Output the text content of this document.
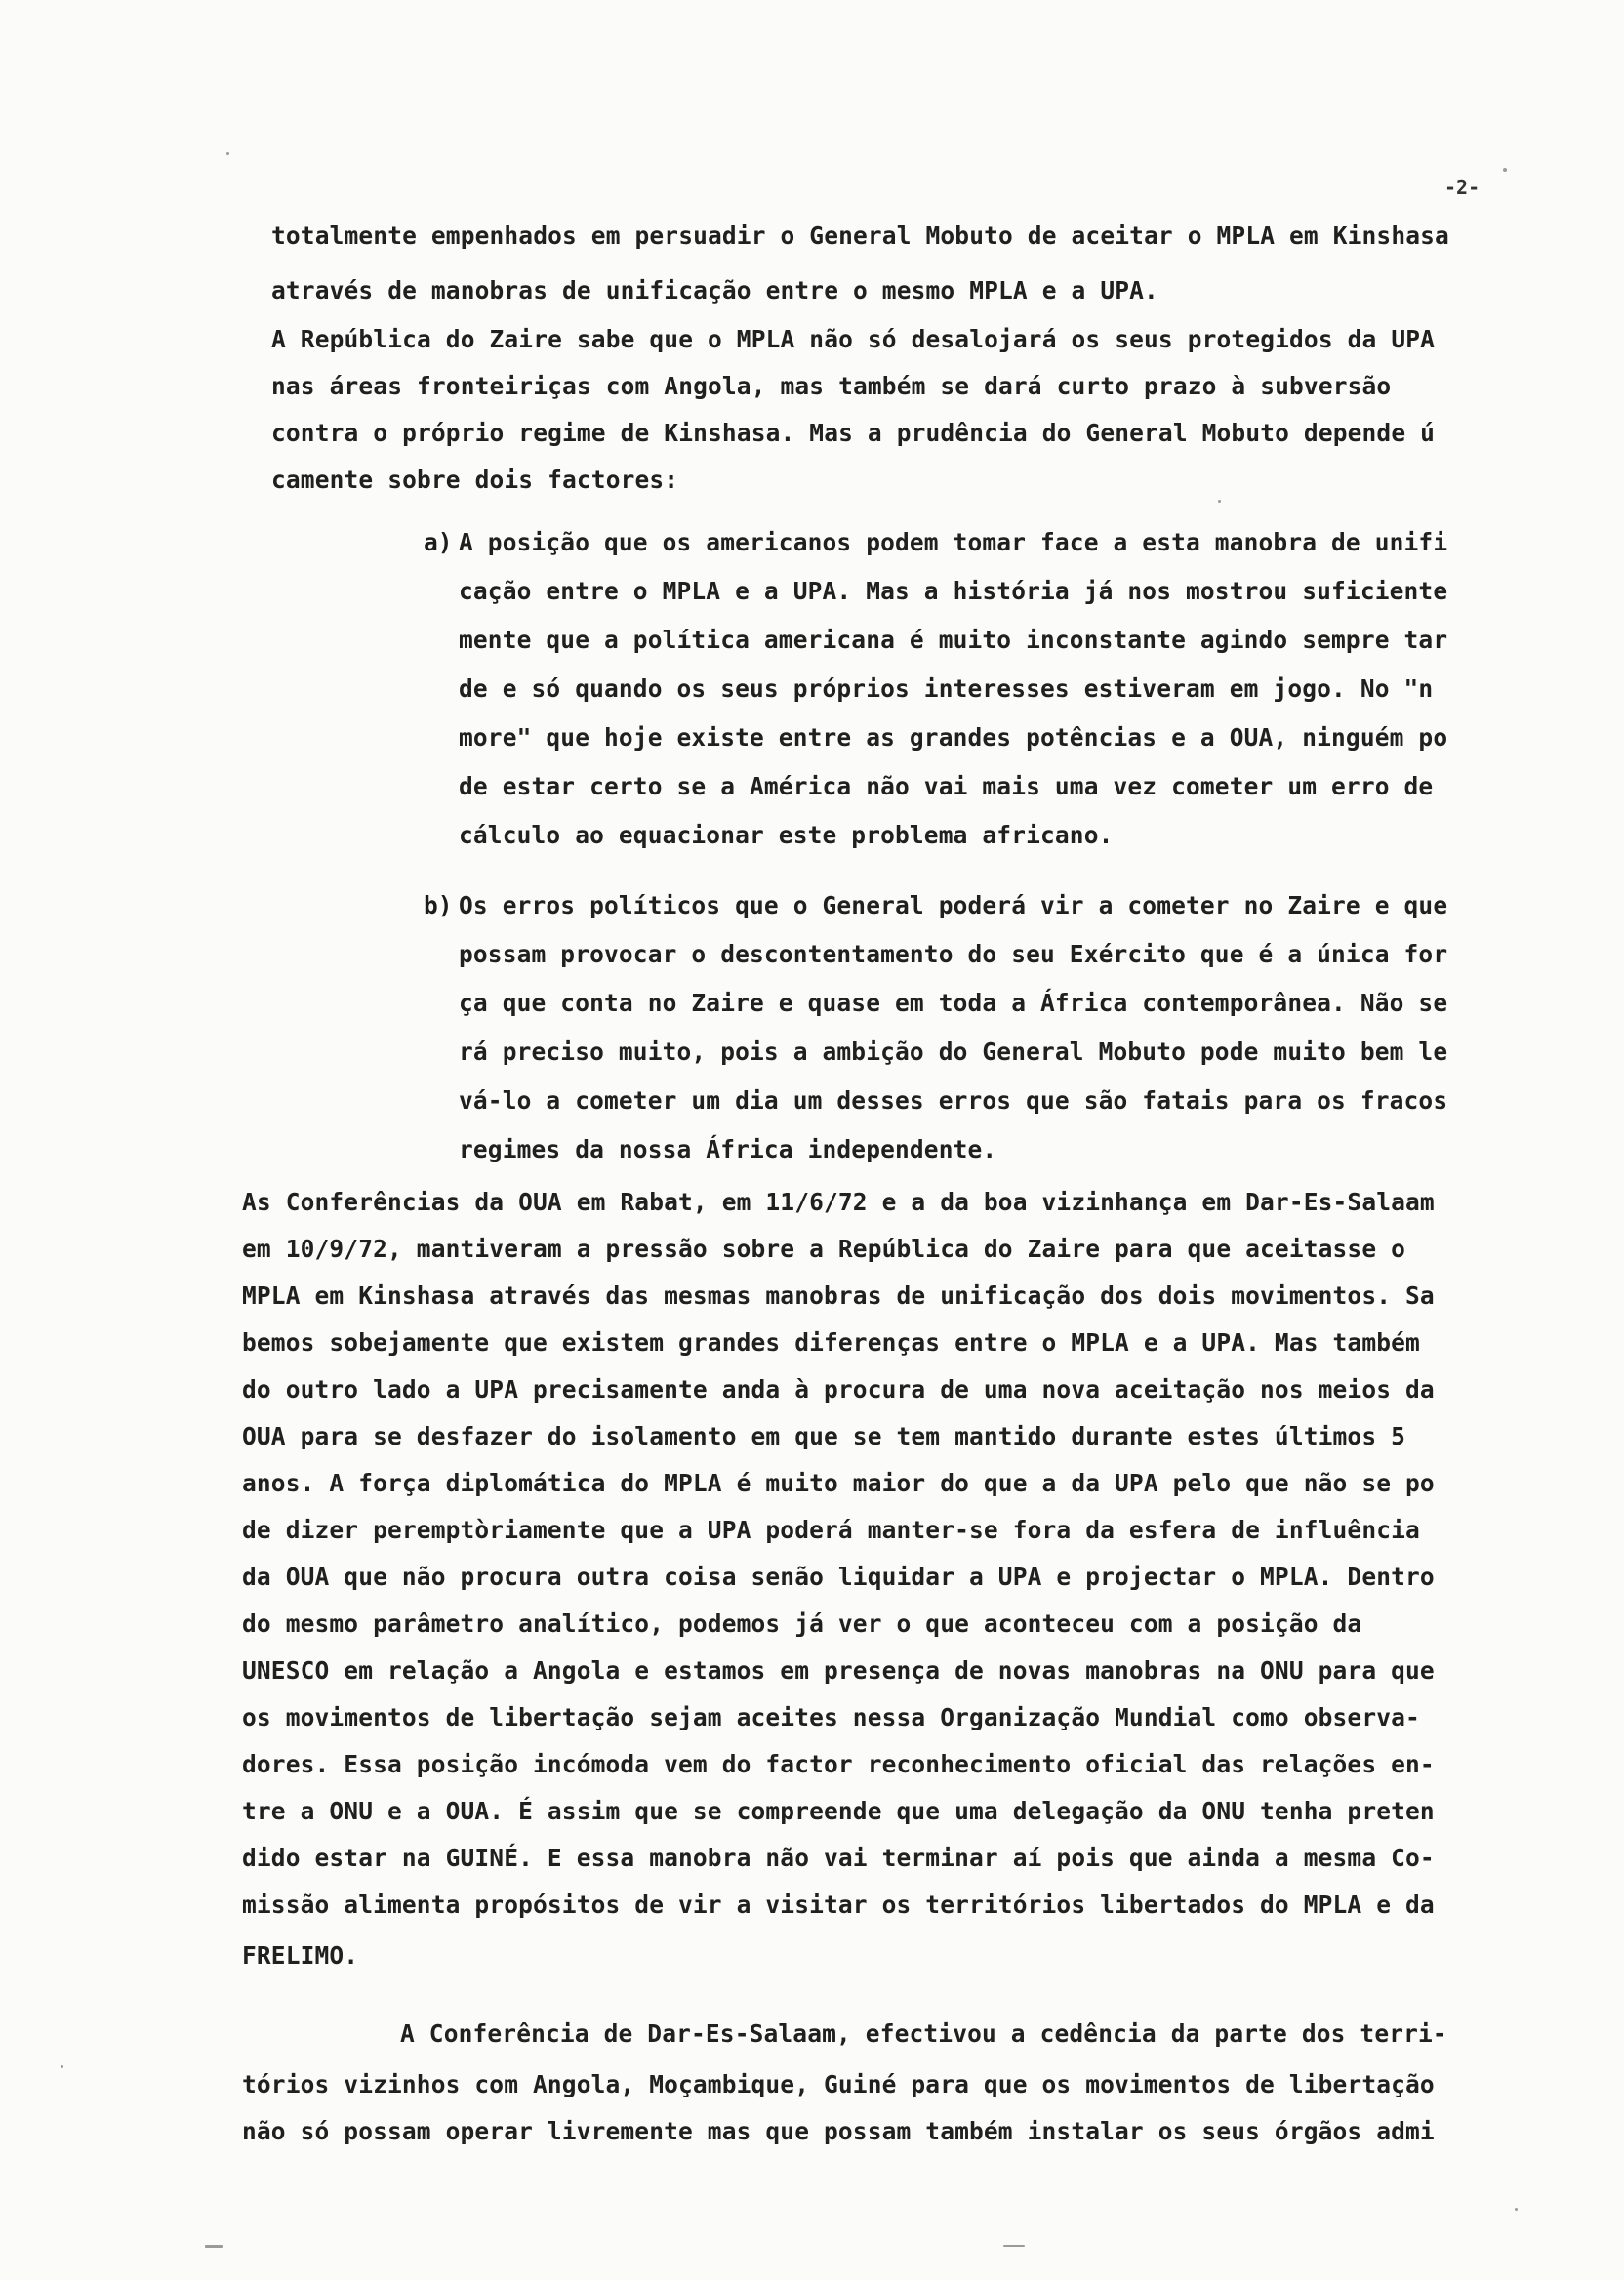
-2-
totalmente empenhados em persuadir o General Mobuto de aceitar o MPLA em Kinshasa
através de manobras de unificação entre o mesmo MPLA e a UPA.
A República do Zaire sabe que o MPLA não só desalojará os seus protegidos da UPA
nas áreas fronteiriças com Angola, mas também se dará curto prazo à subversão
contra o próprio regime de Kinshasa. Mas a prudência do General Mobuto depende ú
camente sobre dois factores:
a) A posição que os americanos podem tomar face a esta manobra de unifi
cação entre o MPLA e a UPA. Mas a história já nos mostrou suficiente
mente que a política americana é muito inconstante agindo sempre tar
de e só quando os seus próprios interesses estiveram em jogo. No "n
more" que hoje existe entre as grandes potências e a OUA, ninguém po
de estar certo se a América não vai mais uma vez cometer um erro de
cálculo ao equacionar este problema africano.
b) Os erros políticos que o General poderá vir a cometer no Zaire e que
possam provocar o descontentamento do seu Exército que é a única for
ça que conta no Zaire e quase em toda a África contemporânea. Não se
rá preciso muito, pois a ambição do General Mobuto pode muito bem le
vá-lo a cometer um dia um desses erros que são fatais para os fracos
regimes da nossa África independente.
As Conferências da OUA em Rabat, em 11/6/72 e a da boa vizinhança em Dar-Es-Salaam
em 10/9/72, mantiveram a pressão sobre a República do Zaire para que aceitasse o
MPLA em Kinshasa através das mesmas manobras de unificação dos dois movimentos. Sa
bemos sobejamente que existem grandes diferenças entre o MPLA e a UPA. Mas também
do outro lado a UPA precisamente anda à procura de uma nova aceitação nos meios da
OUA para se desfazer do isolamento em que se tem mantido durante estes últimos 5
anos. A força diplomática do MPLA é muito maior do que a da UPA pelo que não se po
de dizer peremptòriamente que a UPA poderá manter-se fora da esfera de influência
da OUA que não procura outra coisa senão liquidar a UPA e projectar o MPLA. Dentro
do mesmo parâmetro analítico, podemos já ver o que aconteceu com a posição da
UNESCO em relação a Angola e estamos em presença de novas manobras na ONU para que
os movimentos de libertação sejam aceites nessa Organização Mundial como observa-
dores. Essa posição incómoda vem do factor reconhecimento oficial das relações en-
tre a ONU e a OUA. É assim que se compreende que uma delegação da ONU tenha preten
dido estar na GUINÉ. E essa manobra não vai terminar aí pois que ainda a mesma Co-
missão alimenta propósitos de vir a visitar os territórios libertados do MPLA e da
FRELIMO.
A Conferência de Dar-Es-Salaam, efectivou a cedência da parte dos terri-
tórios vizinhos com Angola, Moçambique, Guiné para que os movimentos de libertação
não só possam operar livremente mas que possam também instalar os seus órgãos admi
